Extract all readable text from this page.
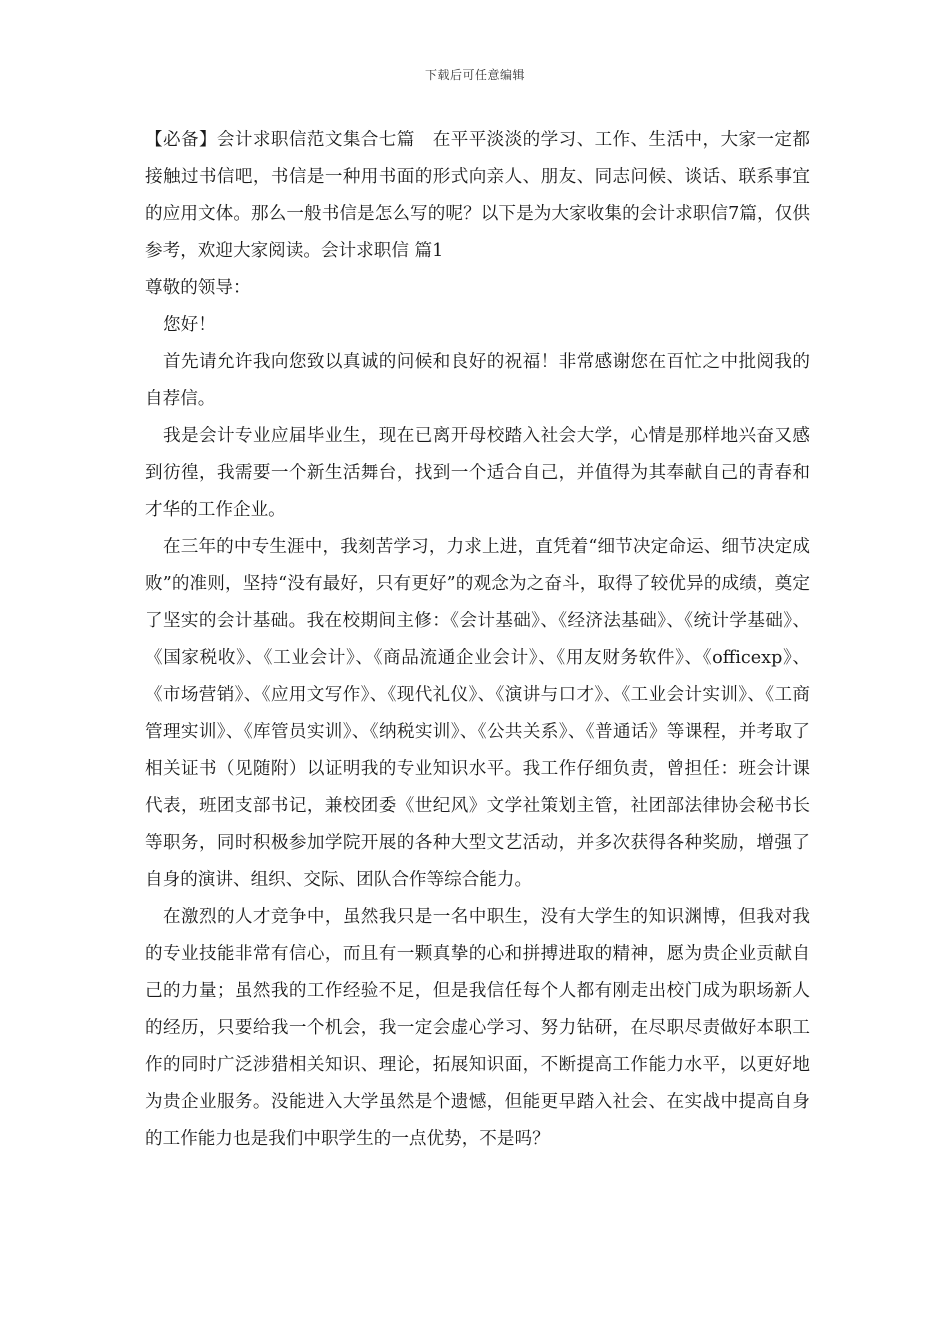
下载后可任意编辑

【必备】会计求职信范文集合七篇　在平平淡淡的学习、工作、生活中，大家一定都接触过书信吧，书信是一种用书面的形式向亲人、朋友、同志问候、谈话、联系事宜的应用文体。那么一般书信是怎么写的呢？以下是为大家收集的会计求职信7篇，仅供参考，欢迎大家阅读。会计求职信 篇1

尊敬的领导：

您好！

首先请允许我向您致以真诚的问候和良好的祝福！非常感谢您在百忙之中批阅我的自荐信。

我是会计专业应届毕业生，现在已离开母校踏入社会大学，心情是那样地兴奋又感到彷徨，我需要一个新生活舞台，找到一个适合自己，并值得为其奉献自己的青春和才华的工作企业。

在三年的中专生涯中，我刻苦学习，力求上进，直凭着“细节决定命运、细节决定成败”的准则，坚持“没有最好，只有更好”的观念为之奋斗，取得了较优异的成绩，奠定了坚实的会计基础。我在校期间主修：《会计基础》、《经济法基础》、《统计学基础》、《国家税收》、《工业会计》、《商品流通企业会计》、《用友财务软件》、《officexp》、《市场营销》、《应用文写作》、《现代礼仪》、《演讲与口才》、《工业会计实训》、《工商管理实训》、《库管员实训》、《纳税实训》、《公共关系》、《普通话》等课程，并考取了相关证书（见随附）以证明我的专业知识水平。我工作仔细负责，曾担任：班会计课代表，班团支部书记，兼校团委《世纪风》文学社策划主管，社团部法律协会秘书长等职务，同时积极参加学院开展的各种大型文艺活动，并多次获得各种奖励，增强了自身的演讲、组织、交际、团队合作等综合能力。

在激烈的人才竞争中，虽然我只是一名中职生，没有大学生的知识渊博，但我对我的专业技能非常有信心，而且有一颗真挚的心和拼搏进取的精神，愿为贵企业贡献自己的力量；虽然我的工作经验不足，但是我信任每个人都有刚走出校门成为职场新人的经历，只要给我一个机会，我一定会虚心学习、努力钻研，在尽职尽责做好本职工作的同时广泛涉猎相关知识、理论，拓展知识面，不断提高工作能力水平，以更好地为贵企业服务。没能进入大学虽然是个遗憾，但能更早踏入社会、在实战中提高自身的工作能力也是我们中职学生的一点优势，不是吗？
